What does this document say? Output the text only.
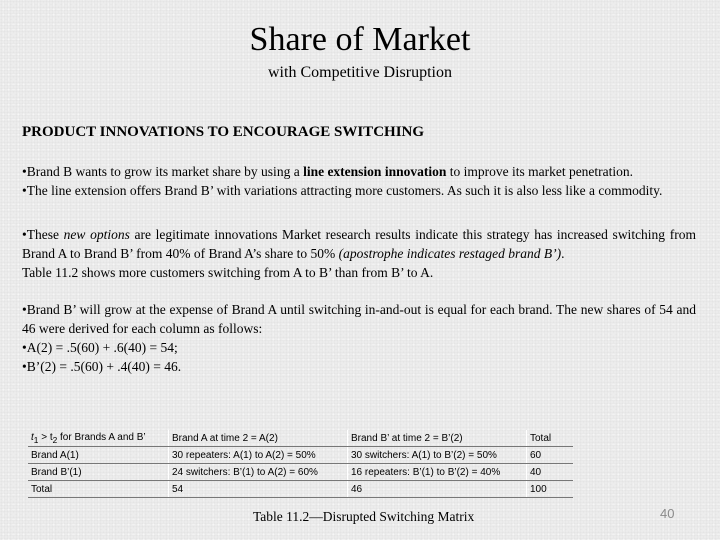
Share of Market
with Competitive Disruption
PRODUCT INNOVATIONS TO ENCOURAGE SWITCHING

•Brand B wants to grow its market share by using a line extension innovation to improve its market penetration.

•The line extension offers Brand B’ with variations attracting more customers. As such it is also less like a commodity.

•These new options are legitimate innovations Market research results indicate this strategy has increased switching from Brand A to Brand B’ from 40% of Brand A’s share to 50% (apostrophe indicates restaged brand B’).

Table 11.2 shows more customers switching from A to B’ than from B’ to A.

•Brand B’ will grow at the expense of Brand A until switching in-and-out is equal for each brand. The new shares of 54 and 46 were derived for each column as follows:

•A(2) = .5(60) + .6(40) = 54;

•B’(2) = .5(60) + .4(40) = 46.

$t_1 > t_2$ for Brands A and B’	Brand A at time 2 = A(2)	Brand B’ at time 2 = B’(2)	Total
Brand A(1)	30 repeaters: A(1) to A(2) = 50%	30 switchers: A(1) to B’(2) = 50%	60
Brand B’(1)	24 switchers: B’(1) to A(2) = 60%	16 repeaters: B’(1) to B’(2) = 40%	40
Total	54	46	100
Table 11.2—Disrupted Switching Matrix	40
